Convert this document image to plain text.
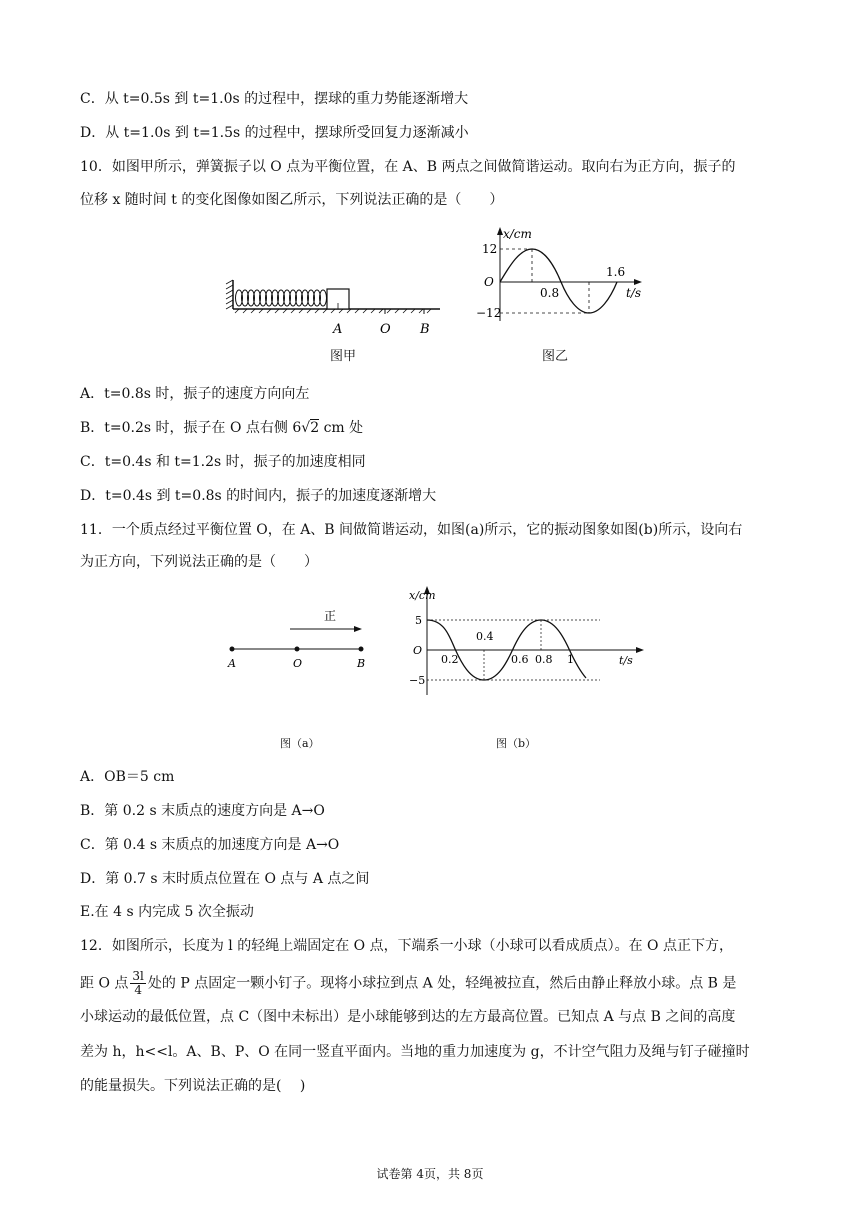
C．从 t=0.5s 到 t=1.0s 的过程中，摆球的重力势能逐渐增大
D．从 t=1.0s 到 t=1.5s 的过程中，摆球所受回复力逐渐减小
10．如图甲所示，弹簧振子以 O 点为平衡位置，在 A、B 两点之间做简谐运动。取向右为正方向，振子的
位移 x 随时间 t 的变化图像如图乙所示，下列说法正确的是（　　）
A	O B
图甲
x/cm
12
O
−12
0.8
1.6
t/s
图乙
A．t=0.8s 时，振子的速度方向向左
B．t=0.2s 时，振子在 O 点右侧 6√2 cm 处
C．t=0.4s 和 t=1.2s 时，振子的加速度相同
D．t=0.4s 到 t=0.8s 的时间内，振子的加速度逐渐增大
11．一个质点经过平衡位置 O，在 A、B 间做简谐运动，如图(a)所示，它的振动图象如图(b)所示，设向右
为正方向，下列说法正确的是（　　）
正
A	O	B
图（a）
x/cm
5
O
−5
0.2
0.4
0.6 0.8 1	t/s
图（b）
A．OB＝5 cm
B．第 0.2 s 末质点的速度方向是 A→O
C．第 0.4 s 末质点的加速度方向是 A→O
D．第 0.7 s 末时质点位置在 O 点与 A 点之间
E.在 4 s 内完成 5 次全振动
12．如图所示，长度为 l 的轻绳上端固定在 O 点，下端系一小球（小球可以看成质点）。在 O 点正下方，
距 O 点 $\frac{3l}{4}$ 处的 P 点固定一颗小钉子。现将小球拉到点 A 处，轻绳被拉直，然后由静止释放小球。点 B 是
小球运动的最低位置，点 C（图中未标出）是小球能够到达的左方最高位置。已知点 A 与点 B 之间的高度
差为 h，h<<l。A、B、P、O 在同一竖直平面内。当地的重力加速度为 g，不计空气阻力及绳与钉子碰撞时
的能量损失。下列说法正确的是(　 )
试卷第 4页，共 8页
